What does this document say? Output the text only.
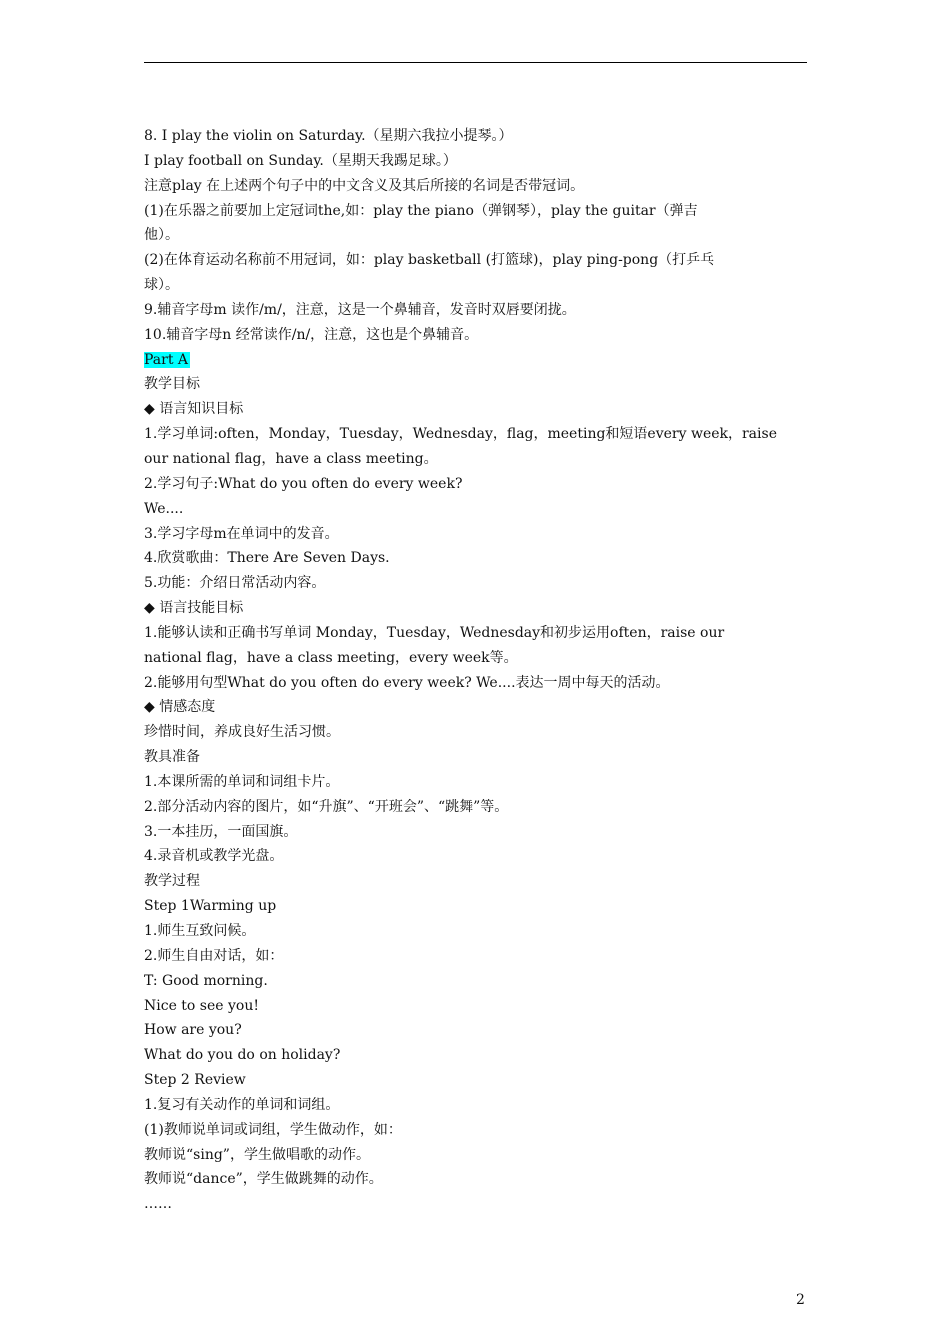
8. I play the violin on Saturday.（星期六我拉小提琴。）
I play football on Sunday.（星期天我踢足球。）
注意play 在上述两个句子中的中文含义及其后所接的名词是否带冠词。
(1)在乐器之前要加上定冠词the,如：play the piano（弹钢琴），play the guitar（弹吉
他）。
(2)在体育运动名称前不用冠词，如：play basketball (打篮球)，play ping-pong（打乒乓
球）。
9.辅音字母m 读作/m/，注意，这是一个鼻辅音，发音时双唇要闭拢。
10.辅音字母n 经常读作/n/，注意，这也是个鼻辅音。
Part A
教学目标
◆ 语言知识目标
1.学习单词:often，Monday，Tuesday，Wednesday，flag，meeting和短语every week，raise
our national flag，have a class meeting。
2.学习句子:What do you often do every week?
We....
3.学习字母m在单词中的发音。
4.欣赏歌曲：There Are Seven Days.
5.功能：介绍日常活动内容。
◆ 语言技能目标
1.能够认读和正确书写单词 Monday，Tuesday，Wednesday和初步运用often，raise our
national flag，have a class meeting，every week等。
2.能够用句型What do you often do every week? We....表达一周中每天的活动。
◆ 情感态度
珍惜时间，养成良好生活习惯。
教具准备
1.本课所需的单词和词组卡片。
2.部分活动内容的图片，如“升旗”、“开班会”、“跳舞”等。
3.一本挂历，一面国旗。
4.录音机或教学光盘。
教学过程
Step 1Warming up
1.师生互致问候。
2.师生自由对话，如：
T: Good morning.
Nice to see you!
How are you?
What do you do on holiday?
Step 2 Review
1.复习有关动作的单词和词组。
(1)教师说单词或词组，学生做动作，如：
教师说“sing”，学生做唱歌的动作。
教师说“dance”，学生做跳舞的动作。
……
2
